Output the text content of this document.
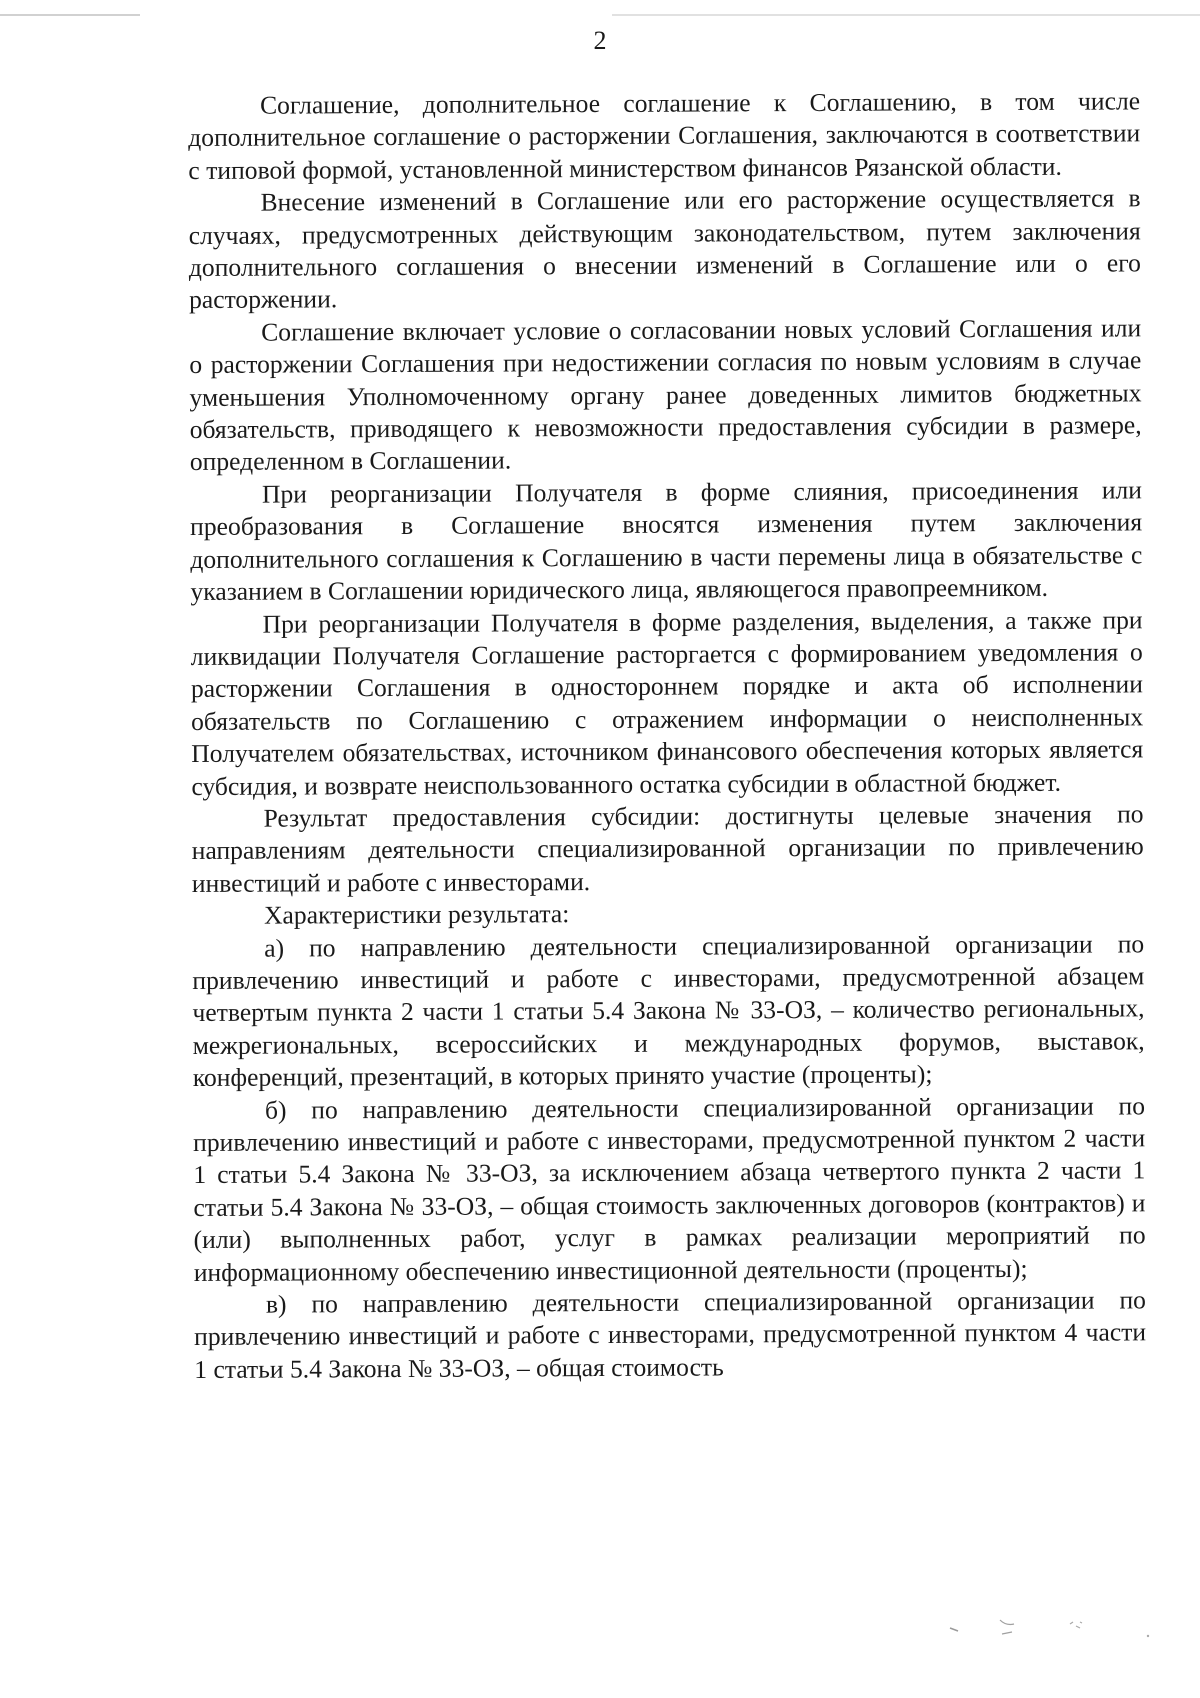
2

Соглашение, дополнительное соглашение к Соглашению, в том числе дополнительное соглашение о расторжении Соглашения, заключаются в соответствии с типовой формой, установленной министерством финансов Рязанской области.

Внесение изменений в Соглашение или его расторжение осуществляется в случаях, предусмотренных действующим законодательством, путем заключения дополнительного соглашения о внесении изменений в Соглашение или о его расторжении.

Соглашение включает условие о согласовании новых условий Соглашения или о расторжении Соглашения при недостижении согласия по новым условиям в случае уменьшения Уполномоченному органу ранее доведенных лимитов бюджетных обязательств, приводящего к невозможности предоставления субсидии в размере, определенном в Соглашении.

При реорганизации Получателя в форме слияния, присоединения или преобразования в Соглашение вносятся изменения путем заключения дополнительного соглашения к Соглашению в части перемены лица в обязательстве с указанием в Соглашении юридического лица, являющегося правопреемником.

При реорганизации Получателя в форме разделения, выделения, а также при ликвидации Получателя Соглашение расторгается с формированием уведомления о расторжении Соглашения в одностороннем порядке и акта об исполнении обязательств по Соглашению с отражением информации о неисполненных Получателем обязательствах, источником финансового обеспечения которых является субсидия, и возврате неиспользованного остатка субсидии в областной бюджет.

Результат предоставления субсидии: достигнуты целевые значения по направлениям деятельности специализированной организации по привлечению инвестиций и работе с инвесторами.

Характеристики результата:

а) по направлению деятельности специализированной организации по привлечению инвестиций и работе с инвесторами, предусмотренной абзацем четвертым пункта 2 части 1 статьи 5.4 Закона № 33-ОЗ, – количество региональных, межрегиональных, всероссийских и международных форумов, выставок, конференций, презентаций, в которых принято участие (проценты);

б) по направлению деятельности специализированной организации по привлечению инвестиций и работе с инвесторами, предусмотренной пунктом 2 части 1 статьи 5.4 Закона № 33-ОЗ, за исключением абзаца четвертого пункта 2 части 1 статьи 5.4 Закона № 33-ОЗ, – общая стоимость заключенных договоров (контрактов) и (или) выполненных работ, услуг в рамках реализации мероприятий по информационному обеспечению инвестиционной деятельности (проценты);

в) по направлению деятельности специализированной организации по привлечению инвестиций и работе с инвесторами, предусмотренной пунктом 4 части 1 статьи 5.4 Закона № 33-ОЗ, – общая стоимость
